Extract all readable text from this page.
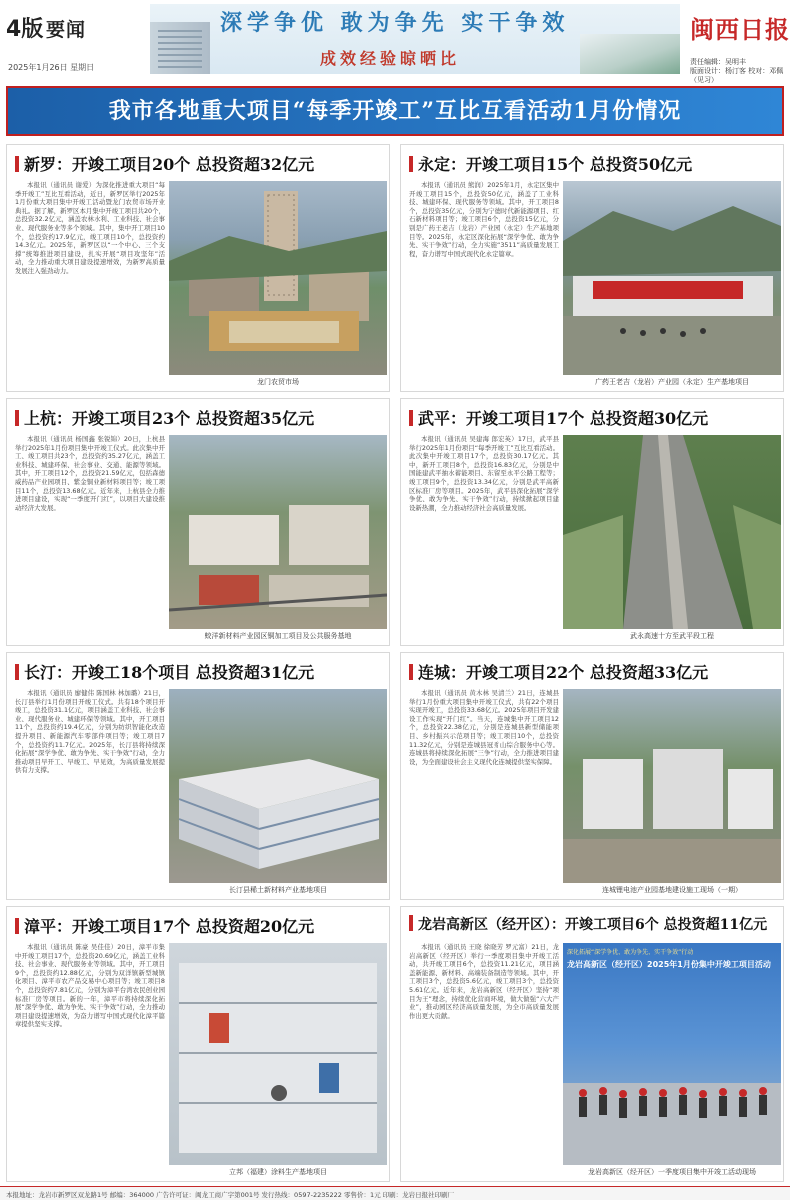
4版 要闻
2025年1月26日 星期日
深学争优 敢为争先 实干争效
成效经验晾晒比
闽西日报
责任编辑：吴明丰
版面设计：杨汀客 校对：邓佩（见习）
我市各地重大项目“每季开竣工”互比互看活动1月份情况
新罗：开竣工项目20个 总投资超32亿元

本报讯（通讯员 谢爱）为深化推进重大项目“每季开竣工”互比互看活动，近日，新罗区举行2025年1月份重大项目集中开竣工活动暨龙门农贸市场开业典礼。据了解，新罗区本月集中开竣工项目共20个，总投资32.2亿元，涵盖农林水利、工业科技、社会事业、现代服务业等多个领域。其中，集中开工项目10个，总投资约17.9亿元，竣工项目10个，总投资约14.3亿元。2025年，新罗区以“一个中心、三个支撑”统筹推进项目建设，扎实开展“项目攻坚年”活动，全力推动重大项目建设提速增效，为新罗高质量发展注入强劲动力。

龙门农贸市场
永定：开竣工项目15个 总投资50亿元

本报讯（通讯员 熊润）2025年1月，永定区集中开竣工项目15个，总投资50亿元，涵盖了工业科技、城建环保、现代服务等领域。其中，开工项目8个，总投资35亿元，分别为宁德时代新能源项目、红石新材料项目等；竣工项目6个，总投资15亿元，分别是广药王老吉（龙岩）产业园（永定）生产基地项目等。2025年，永定区深化拓展“深学争优、敢为争先、实干争效”行动，全力实施“3511”高质量发展工程，奋力谱写中国式现代化永定篇章。

广药王老吉（龙岩）产业园（永定）生产基地项目
上杭：开竣工项目23个 总投资超35亿元

本报讯（通讯员 杨国鑫 张锐锦）20日，上杭县举行2025年1月份项目集中开竣工仪式。此次集中开工、竣工项目共23个，总投资约35.27亿元，涵盖工业科技、城建环保、社会事业、交通、能源等领域。其中，开工项目12个，总投资21.59亿元，包括森德威药品产业园项目、紫金铜业新材料项目等；竣工项目11个，总投资13.68亿元。近年来，上杭县全力推进项目建设，实现“一季度开门红”，以项目大建设推动经济大发展。

蛟洋新材料产业园区铜加工项目及公共服务基地
武平：开竣工项目17个 总投资超30亿元

本报讯（通讯员 吴建海 郎宏英）17日，武平县举行2025年1月份项目“每季开竣工”互比互看活动。此次集中开竣工项目17个，总投资30.17亿元。其中，新开工项目8个，总投资16.83亿元，分别是中国能建武平抽水蓄能项目、东留至永平公路工程等；竣工项目9个，总投资13.34亿元，分别是武平高新区标准厂房等项目。2025年，武平县深化拓展“深学争优、敢为争先、实干争效”行动，持续掀起项目建设新热潮，全力推动经济社会高质量发展。

武永高速十方至武平段工程
长汀：开竣工18个项目 总投资超31亿元

本报讯（通讯员 廖健伟 陈国林 林加璐）21日，长汀县举行1月份项目开竣工仪式。共有18个项目开竣工，总投资31.1亿元，项目涵盖工业科技、社会事业、现代服务业、城建环保等领域。其中，开工项目11个，总投资约19.4亿元，分别为纺织智能化改造提升项目、新能源汽车零部件项目等；竣工项目7个，总投资约11.7亿元。2025年，长汀县将持续深化拓展“深学争优、敢为争先、实干争效”行动，全力推动项目早开工、早竣工、早见效，为高质量发展提供有力支撑。

长汀县稀土新材料产业基地项目
连城：开竣工项目22个 总投资超33亿元

本报讯（通讯员 黄木林 吴清兰）21日，连城县举行1月份重大项目集中开竣工仪式，共有22个项目实现开竣工，总投资33.68亿元。2025年项目开发建设工作实现“开门红”。当天，连城集中开工项目12个，总投资22.38亿元，分别是连城县新型储能项目、乡村振兴示范项目等；竣工项目10个，总投资11.32亿元，分别是连城县冠豸山综合服务中心等。连城县将持续深化拓展“三争”行动，全力推进项目建设，为全面建设社会主义现代化连城提供坚实保障。

连城锂电池产业园基地建设施工现场（一期）
漳平：开竣工项目17个 总投资超20亿元

本报讯（通讯员 陈豪 吴佳佳）20日，漳平市集中开竣工项目17个，总投资20.69亿元，涵盖工业科技、社会事业、现代服务业等领域。其中，开工项目9个，总投资约12.88亿元，分别为双洋镇新型城镇化项目、漳平市农产品交易中心项目等；竣工项目8个，总投资约7.81亿元，分别为漳平台湾农民创业园标准厂房等项目。新的一年，漳平市将持续深化拓展“深学争优、敢为争先、实干争效”行动，全力推动项目建设提速增效，为奋力谱写中国式现代化漳平篇章提供坚实支撑。

立邦（福建）涂料生产基地项目
龙岩高新区（经开区）：开竣工项目6个 总投资超11亿元

本报讯（通讯员 王晓 徐晓芳 罗元富）21日，龙岩高新区（经开区）举行一季度项目集中开竣工活动，共开竣工项目6个，总投资11.21亿元，项目涵盖新能源、新材料、高端装备制造等领域。其中，开工项目3个，总投资5.6亿元，竣工项目3个，总投资5.61亿元。近年来，龙岩高新区（经开区）坚持“项目为王”理念，持续优化营商环境，做大做强“六大产业”，推动园区经济高质量发展，为全市高质量发展作出更大贡献。

深化拓展“深学争优、敢为争先、实干争效”行动
龙岩高新区（经开区）2025年1月份集中开竣工项目活动
龙岩高新区（经开区）一季度项目集中开竣工活动现场
本报地址：龙岩市新罗区双龙路1号 邮编：364000 广告许可证：闽龙工商广字第001号 发行热线：0597-2235222 零售价：1元 印刷：龙岩日报社印刷厂
